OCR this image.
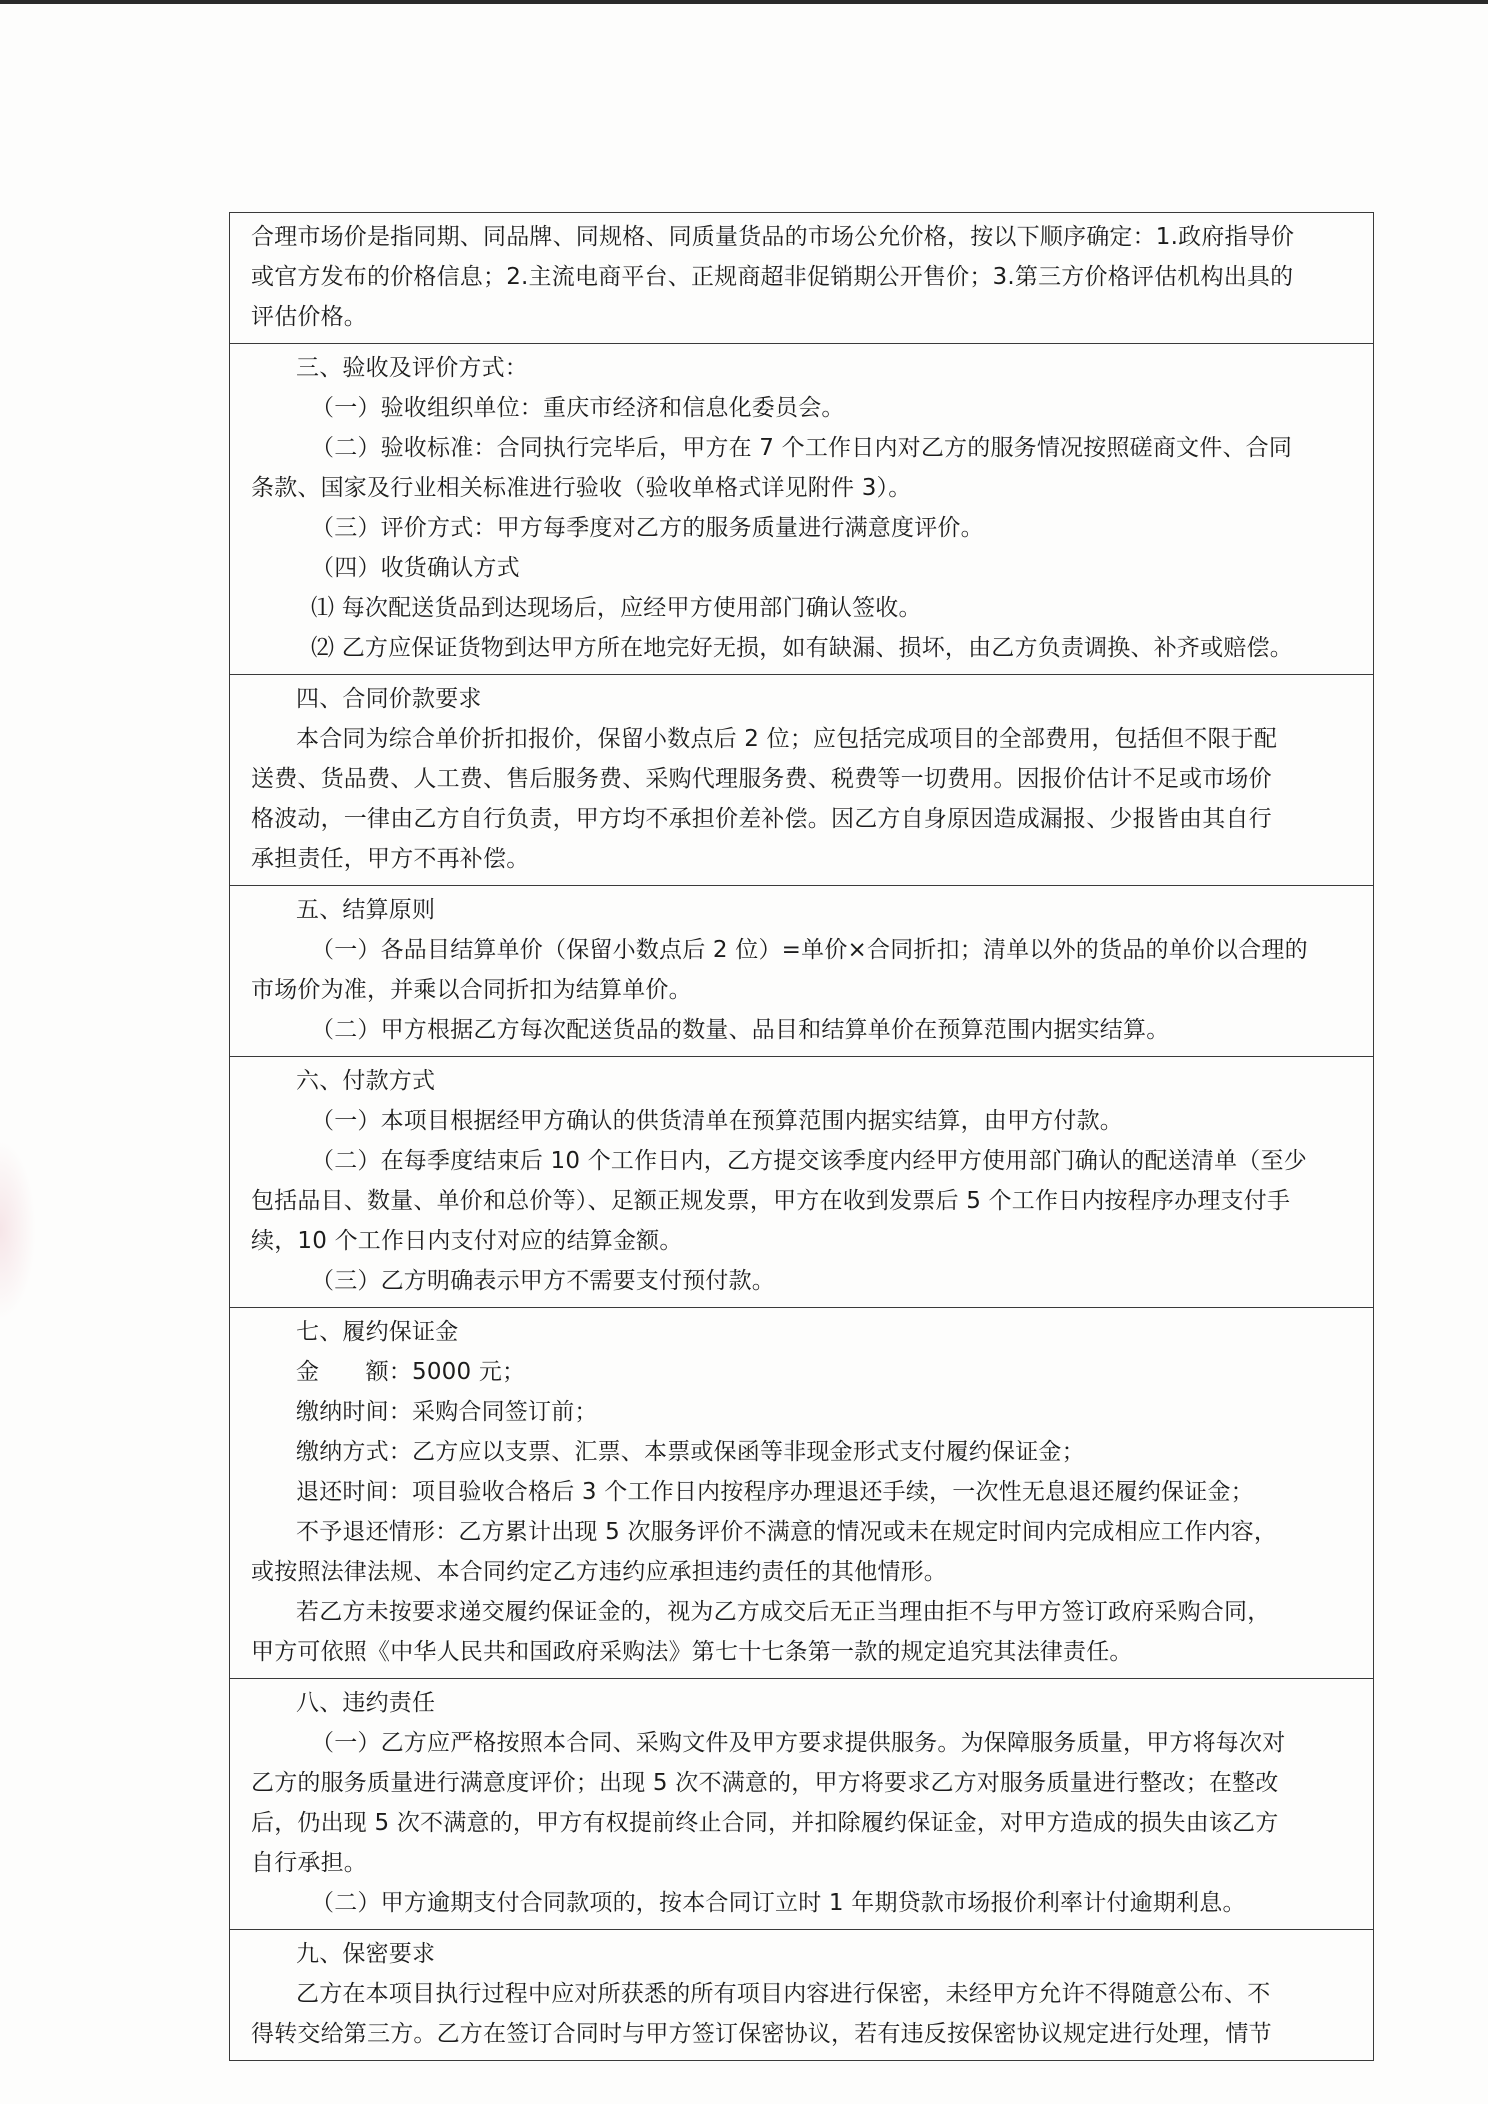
合理市场价是指同期、同品牌、同规格、同质量货品的市场公允价格，按以下顺序确定：1.政府指导价
或官方发布的价格信息；2.主流电商平台、正规商超非促销期公开售价；3.第三方价格评估机构出具的
评估价格。

三、验收及评价方式：
（一）验收组织单位：重庆市经济和信息化委员会。
（二）验收标准：合同执行完毕后，甲方在 7 个工作日内对乙方的服务情况按照磋商文件、合同
条款、国家及行业相关标准进行验收（验收单格式详见附件 3）。
（三）评价方式：甲方每季度对乙方的服务质量进行满意度评价。
（四）收货确认方式
⑴ 每次配送货品到达现场后，应经甲方使用部门确认签收。
⑵ 乙方应保证货物到达甲方所在地完好无损，如有缺漏、损坏，由乙方负责调换、补齐或赔偿。

四、合同价款要求
本合同为综合单价折扣报价，保留小数点后 2 位；应包括完成项目的全部费用，包括但不限于配
送费、货品费、人工费、售后服务费、采购代理服务费、税费等一切费用。因报价估计不足或市场价
格波动，一律由乙方自行负责，甲方均不承担价差补偿。因乙方自身原因造成漏报、少报皆由其自行
承担责任，甲方不再补偿。

五、结算原则
（一）各品目结算单价（保留小数点后 2 位）=单价×合同折扣；清单以外的货品的单价以合理的
市场价为准，并乘以合同折扣为结算单价。
（二）甲方根据乙方每次配送货品的数量、品目和结算单价在预算范围内据实结算。

六、付款方式
（一）本项目根据经甲方确认的供货清单在预算范围内据实结算，由甲方付款。
（二）在每季度结束后 10 个工作日内，乙方提交该季度内经甲方使用部门确认的配送清单（至少
包括品目、数量、单价和总价等）、足额正规发票，甲方在收到发票后 5 个工作日内按程序办理支付手
续，10 个工作日内支付对应的结算金额。
（三）乙方明确表示甲方不需要支付预付款。

七、履约保证金
金　　额：5000 元；
缴纳时间：采购合同签订前；
缴纳方式：乙方应以支票、汇票、本票或保函等非现金形式支付履约保证金；
退还时间：项目验收合格后 3 个工作日内按程序办理退还手续，一次性无息退还履约保证金；
不予退还情形：乙方累计出现 5 次服务评价不满意的情况或未在规定时间内完成相应工作内容，
或按照法律法规、本合同约定乙方违约应承担违约责任的其他情形。
若乙方未按要求递交履约保证金的，视为乙方成交后无正当理由拒不与甲方签订政府采购合同，
甲方可依照《中华人民共和国政府采购法》第七十七条第一款的规定追究其法律责任。

八、违约责任
（一）乙方应严格按照本合同、采购文件及甲方要求提供服务。为保障服务质量，甲方将每次对
乙方的服务质量进行满意度评价；出现 5 次不满意的，甲方将要求乙方对服务质量进行整改；在整改
后，仍出现 5 次不满意的，甲方有权提前终止合同，并扣除履约保证金，对甲方造成的损失由该乙方
自行承担。
（二）甲方逾期支付合同款项的，按本合同订立时 1 年期贷款市场报价利率计付逾期利息。

九、保密要求
乙方在本项目执行过程中应对所获悉的所有项目内容进行保密，未经甲方允许不得随意公布、不
得转交给第三方。乙方在签订合同时与甲方签订保密协议，若有违反按保密协议规定进行处理，情节
